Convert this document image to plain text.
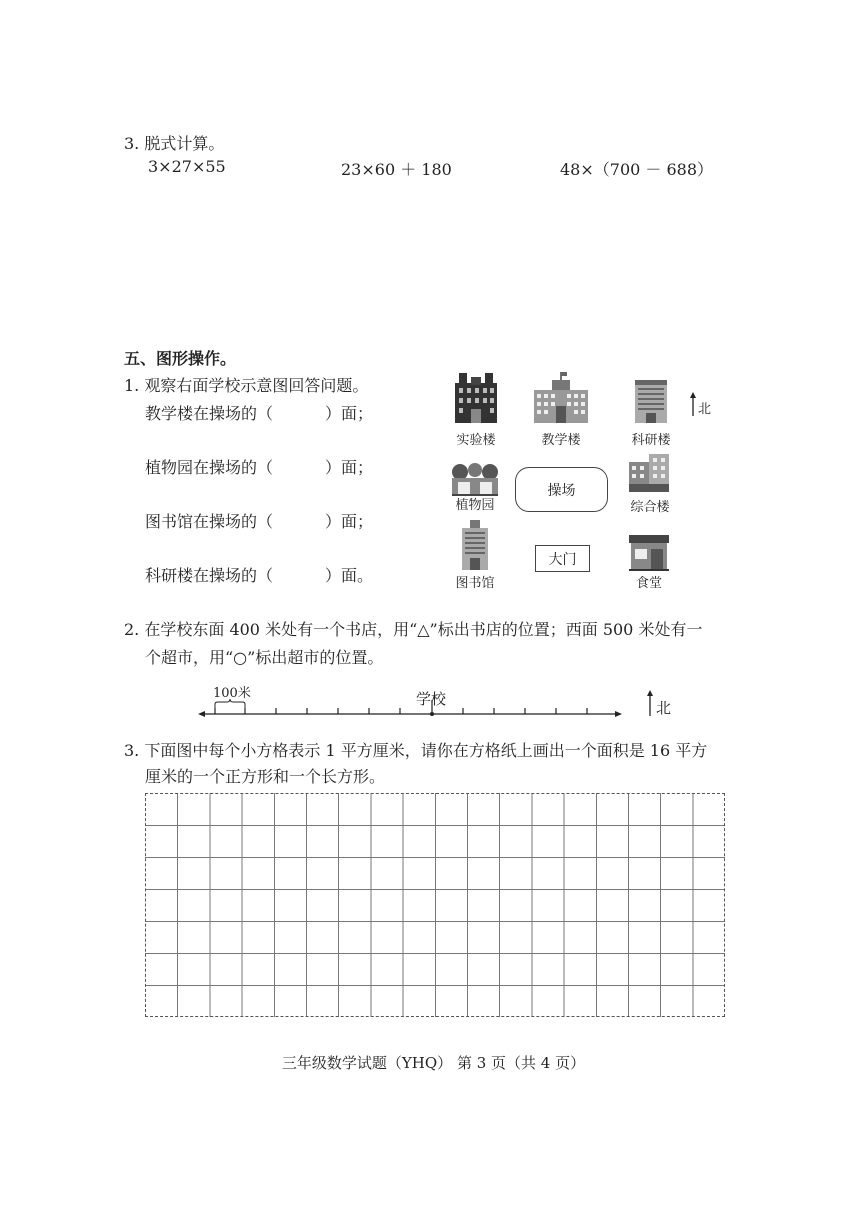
3. 脱式计算。
3×27×55	23×60 ＋ 180	48×（700 － 688）
五、图形操作。
1. 观察右面学校示意图回答问题。
教学楼在操场的（	）面；
植物园在操场的（	）面；
图书馆在操场的（	）面；
科研楼在操场的（	）面。
实验楼	教学楼	科研楼
北
植物园
操场
综合楼
图书馆
大门
食堂
2. 在学校东面 400 米处有一个书店，用“△”标出书店的位置；西面 500 米处有一
个超市，用“○”标出超市的位置。
100米	学校	北
3. 下面图中每个小方格表示 1 平方厘米，请你在方格纸上画出一个面积是 16 平方
厘米的一个正方形和一个长方形。
三年级数学试题（YHQ） 第 3 页（共 4 页）
